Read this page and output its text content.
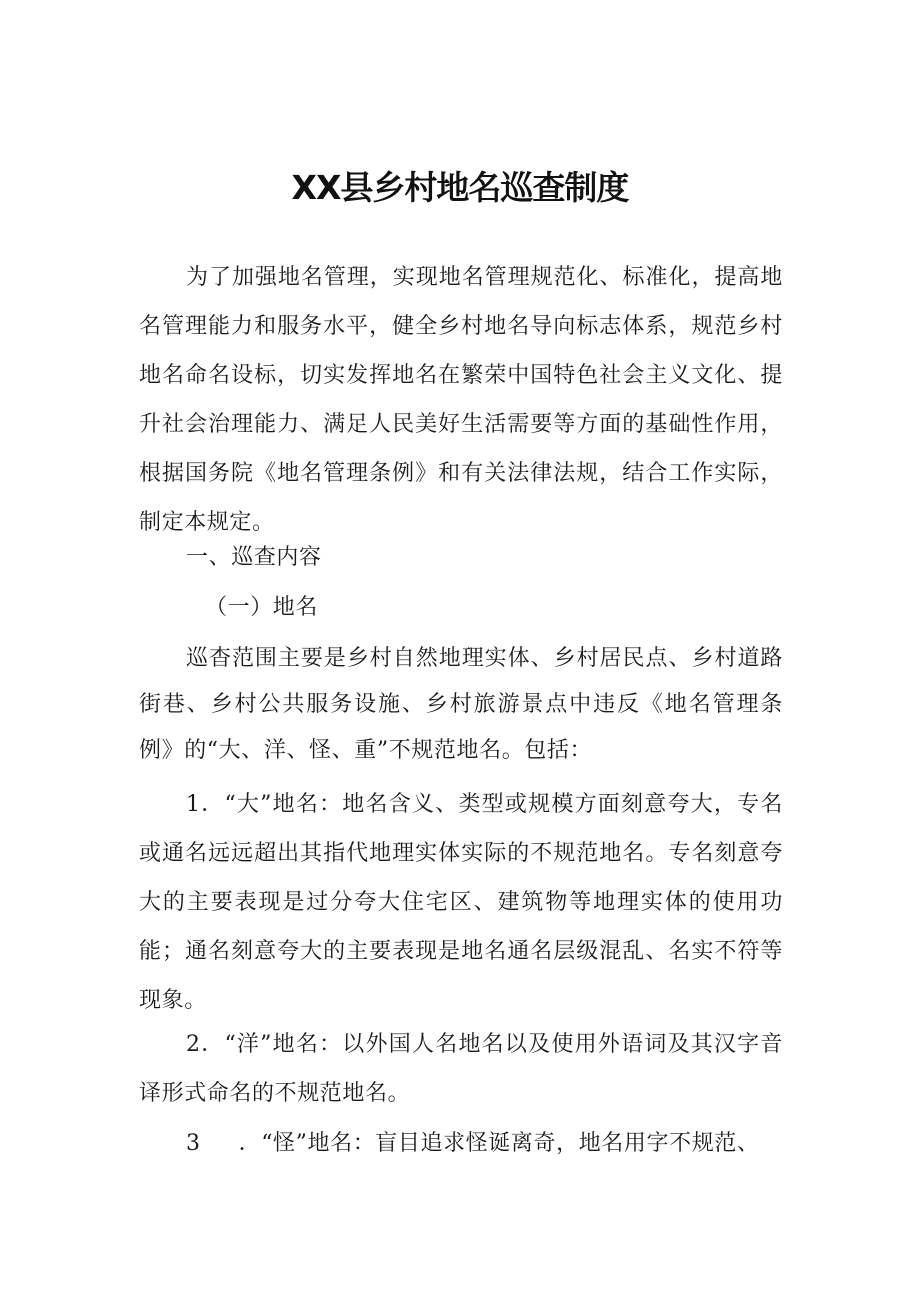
XX县乡村地名巡查制度
为了加强地名管理，实现地名管理规范化、标准化，提高地名管理能力和服务水平，健全乡村地名导向标志体系，规范乡村地名命名设标，切实发挥地名在繁荣中国特色社会主义文化、提升社会治理能力、满足人民美好生活需要等方面的基础性作用，根据国务院《地名管理条例》和有关法律法规，结合工作实际，制定本规定。
一、巡查内容
（一）地名
巡杳范围主要是乡村自然地理实体、乡村居民点、乡村道路街巷、乡村公共服务设施、乡村旅游景点中违反《地名管理条例》的“大、洋、怪、重”不规范地名。包括：
1．“大”地名：地名含义、类型或规模方面刻意夸大，专名或通名远远超出其指代地理实体实际的不规范地名。专名刻意夸大的主要表现是过分夸大住宅区、建筑物等地理实体的使用功能；通名刻意夸大的主要表现是地名通名层级混乱、名实不符等现象。
2．“洋”地名：以外国人名地名以及使用外语词及其汉字音译形式命名的不规范地名。
3 ．“怪”地名：盲目追求怪诞离奇，地名用字不规范、
